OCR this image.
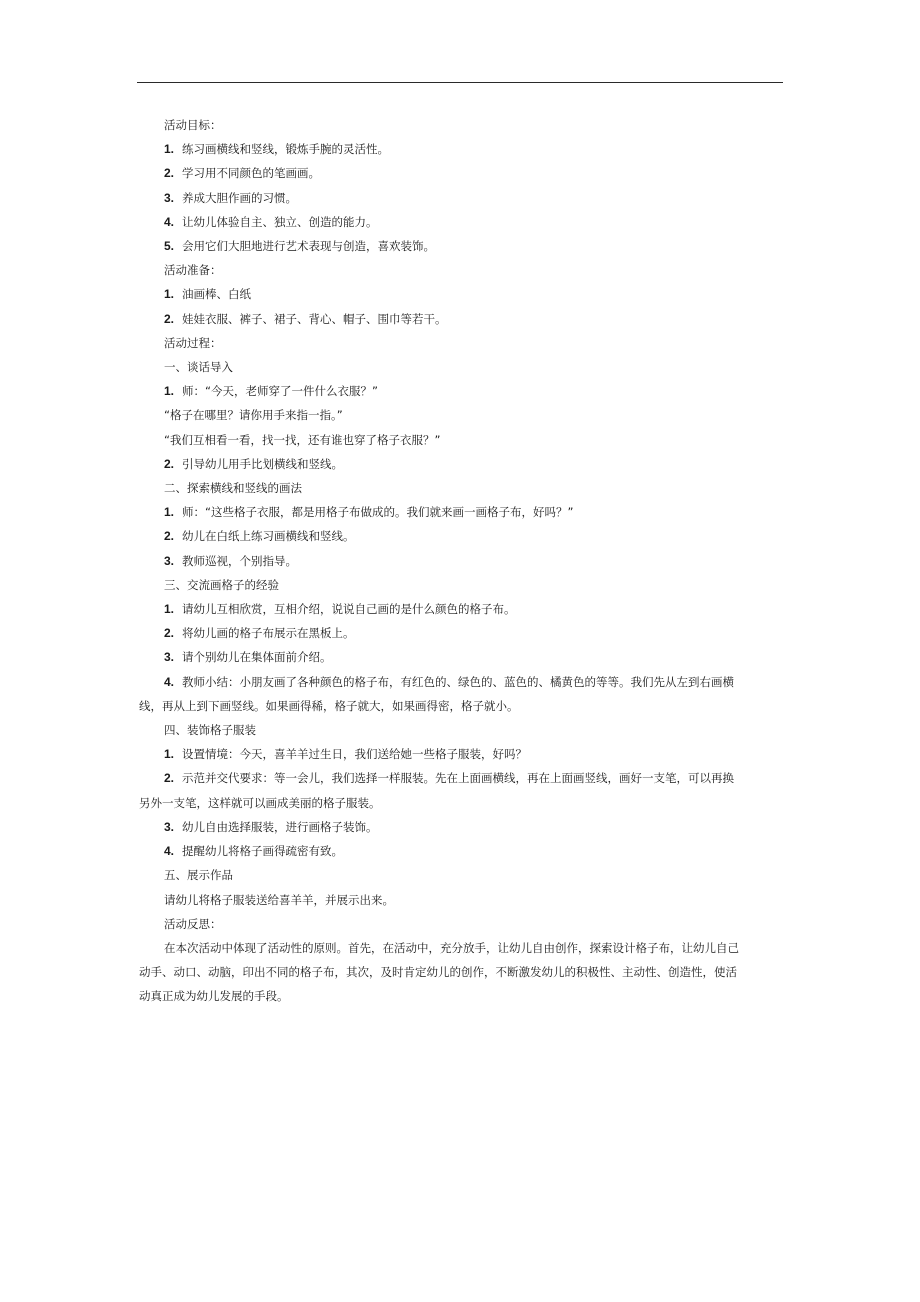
活动目标：

1. 练习画横线和竖线，锻炼手腕的灵活性。

2. 学习用不同颜色的笔画画。

3. 养成大胆作画的习惯。

4. 让幼儿体验自主、独立、创造的能力。

5. 会用它们大胆地进行艺术表现与创造，喜欢装饰。

活动准备：

1. 油画棒、白纸

2. 娃娃衣服、裤子、裙子、背心、帽子、围巾等若干。

活动过程：

一、谈话导入

1. 师：“今天，老师穿了一件什么衣服？”

“格子在哪里？请你用手来指一指。”

“我们互相看一看，找一找，还有谁也穿了格子衣服？”

2. 引导幼儿用手比划横线和竖线。

二、探索横线和竖线的画法

1. 师：“这些格子衣服，都是用格子布做成的。我们就来画一画格子布，好吗？”

2. 幼儿在白纸上练习画横线和竖线。

3. 教师巡视，个别指导。

三、交流画格子的经验

1. 请幼儿互相欣赏，互相介绍，说说自己画的是什么颜色的格子布。

2. 将幼儿画的格子布展示在黑板上。

3. 请个别幼儿在集体面前介绍。

4. 教师小结：小朋友画了各种颜色的格子布，有红色的、绿色的、蓝色的、橘黄色的等等。我们先从左到右画横

线，再从上到下画竖线。如果画得稀，格子就大，如果画得密，格子就小。

四、装饰格子服装

1. 设置情境：今天，喜羊羊过生日，我们送给她一些格子服装，好吗？

2. 示范并交代要求：等一会儿，我们选择一样服装。先在上面画横线，再在上面画竖线，画好一支笔，可以再换

另外一支笔，这样就可以画成美丽的格子服装。

3. 幼儿自由选择服装，进行画格子装饰。

4. 提醒幼儿将格子画得疏密有致。

五、展示作品

请幼儿将格子服装送给喜羊羊，并展示出来。

活动反思：

在本次活动中体现了活动性的原则。首先，在活动中，充分放手，让幼儿自由创作，探索设计格子布，让幼儿自己

动手、动口、动脑，印出不同的格子布，其次，及时肯定幼儿的创作，不断激发幼儿的积极性、主动性、创造性，使活

动真正成为幼儿发展的手段。
